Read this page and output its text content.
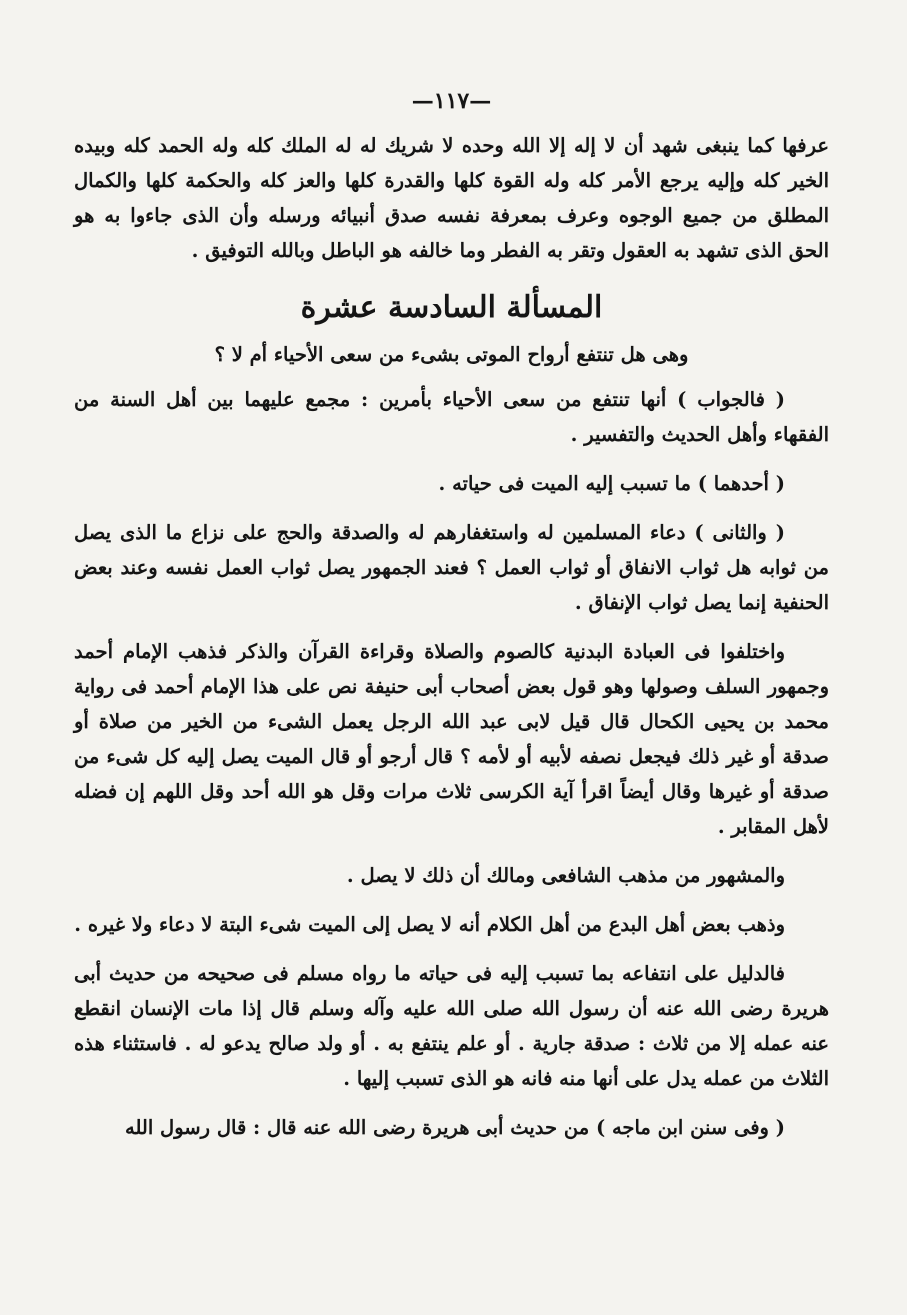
—١١٧—
عرفها كما ينبغى شهد أن لا إله إلا الله وحده لا شريك له له الملك كله وله الحمد كله وبيده الخير كله وإليه يرجع الأمر كله وله القوة كلها والقدرة كلها والعز كله والحكمة كلها والكمال المطلق من جميع الوجوه وعرف بمعرفة نفسه صدق أنبيائه ورسله وأن الذى جاءوا به هو الحق الذى تشهد به العقول وتقر به الفطر وما خالفه هو الباطل وبالله التوفيق .
المسألة السادسة عشرة
وهى هل تنتفع أرواح الموتى بشىء من سعى الأحياء أم لا ؟
( فالجواب ) أنها تنتفع من سعى الأحياء بأمرين : مجمع عليهما بين أهل السنة من الفقهاء وأهل الحديث والتفسير .
( أحدهما ) ما تسبب إليه الميت فى حياته .
( والثانى ) دعاء المسلمين له واستغفارهم له والصدقة والحج على نزاع ما الذى يصل من ثوابه هل ثواب الانفاق أو ثواب العمل ؟ فعند الجمهور يصل ثواب العمل نفسه وعند بعض الحنفية إنما يصل ثواب الإنفاق .
واختلفوا فى العبادة البدنية كالصوم والصلاة وقراءة القرآن والذكر فذهب الإمام أحمد وجمهور السلف وصولها وهو قول بعض أصحاب أبى حنيفة نص على هذا الإمام أحمد فى رواية محمد بن يحيى الكحال قال قيل لابى عبد الله الرجل يعمل الشىء من الخير من صلاة أو صدقة أو غير ذلك فيجعل نصفه لأبيه أو لأمه ؟ قال أرجو أو قال الميت يصل إليه كل شىء من صدقة أو غيرها وقال أيضاً اقرأ آية الكرسى ثلاث مرات وقل هو الله أحد وقل اللهم إن فضله لأهل المقابر .
والمشهور من مذهب الشافعى ومالك أن ذلك لا يصل .
وذهب بعض أهل البدع من أهل الكلام أنه لا يصل إلى الميت شىء البتة لا دعاء ولا غيره .
فالدليل على انتفاعه بما تسبب إليه فى حياته ما رواه مسلم فى صحيحه من حديث أبى هريرة رضى الله عنه أن رسول الله صلى الله عليه وآله وسلم قال إذا مات الإنسان انقطع عنه عمله إلا من ثلاث : صدقة جارية . أو علم ينتفع به . أو ولد صالح يدعو له . فاستثناء هذه الثلاث من عمله يدل على أنها منه فانه هو الذى تسبب إليها .
( وفى سنن ابن ماجه ) من حديث أبى هريرة رضى الله عنه قال : قال رسول الله
